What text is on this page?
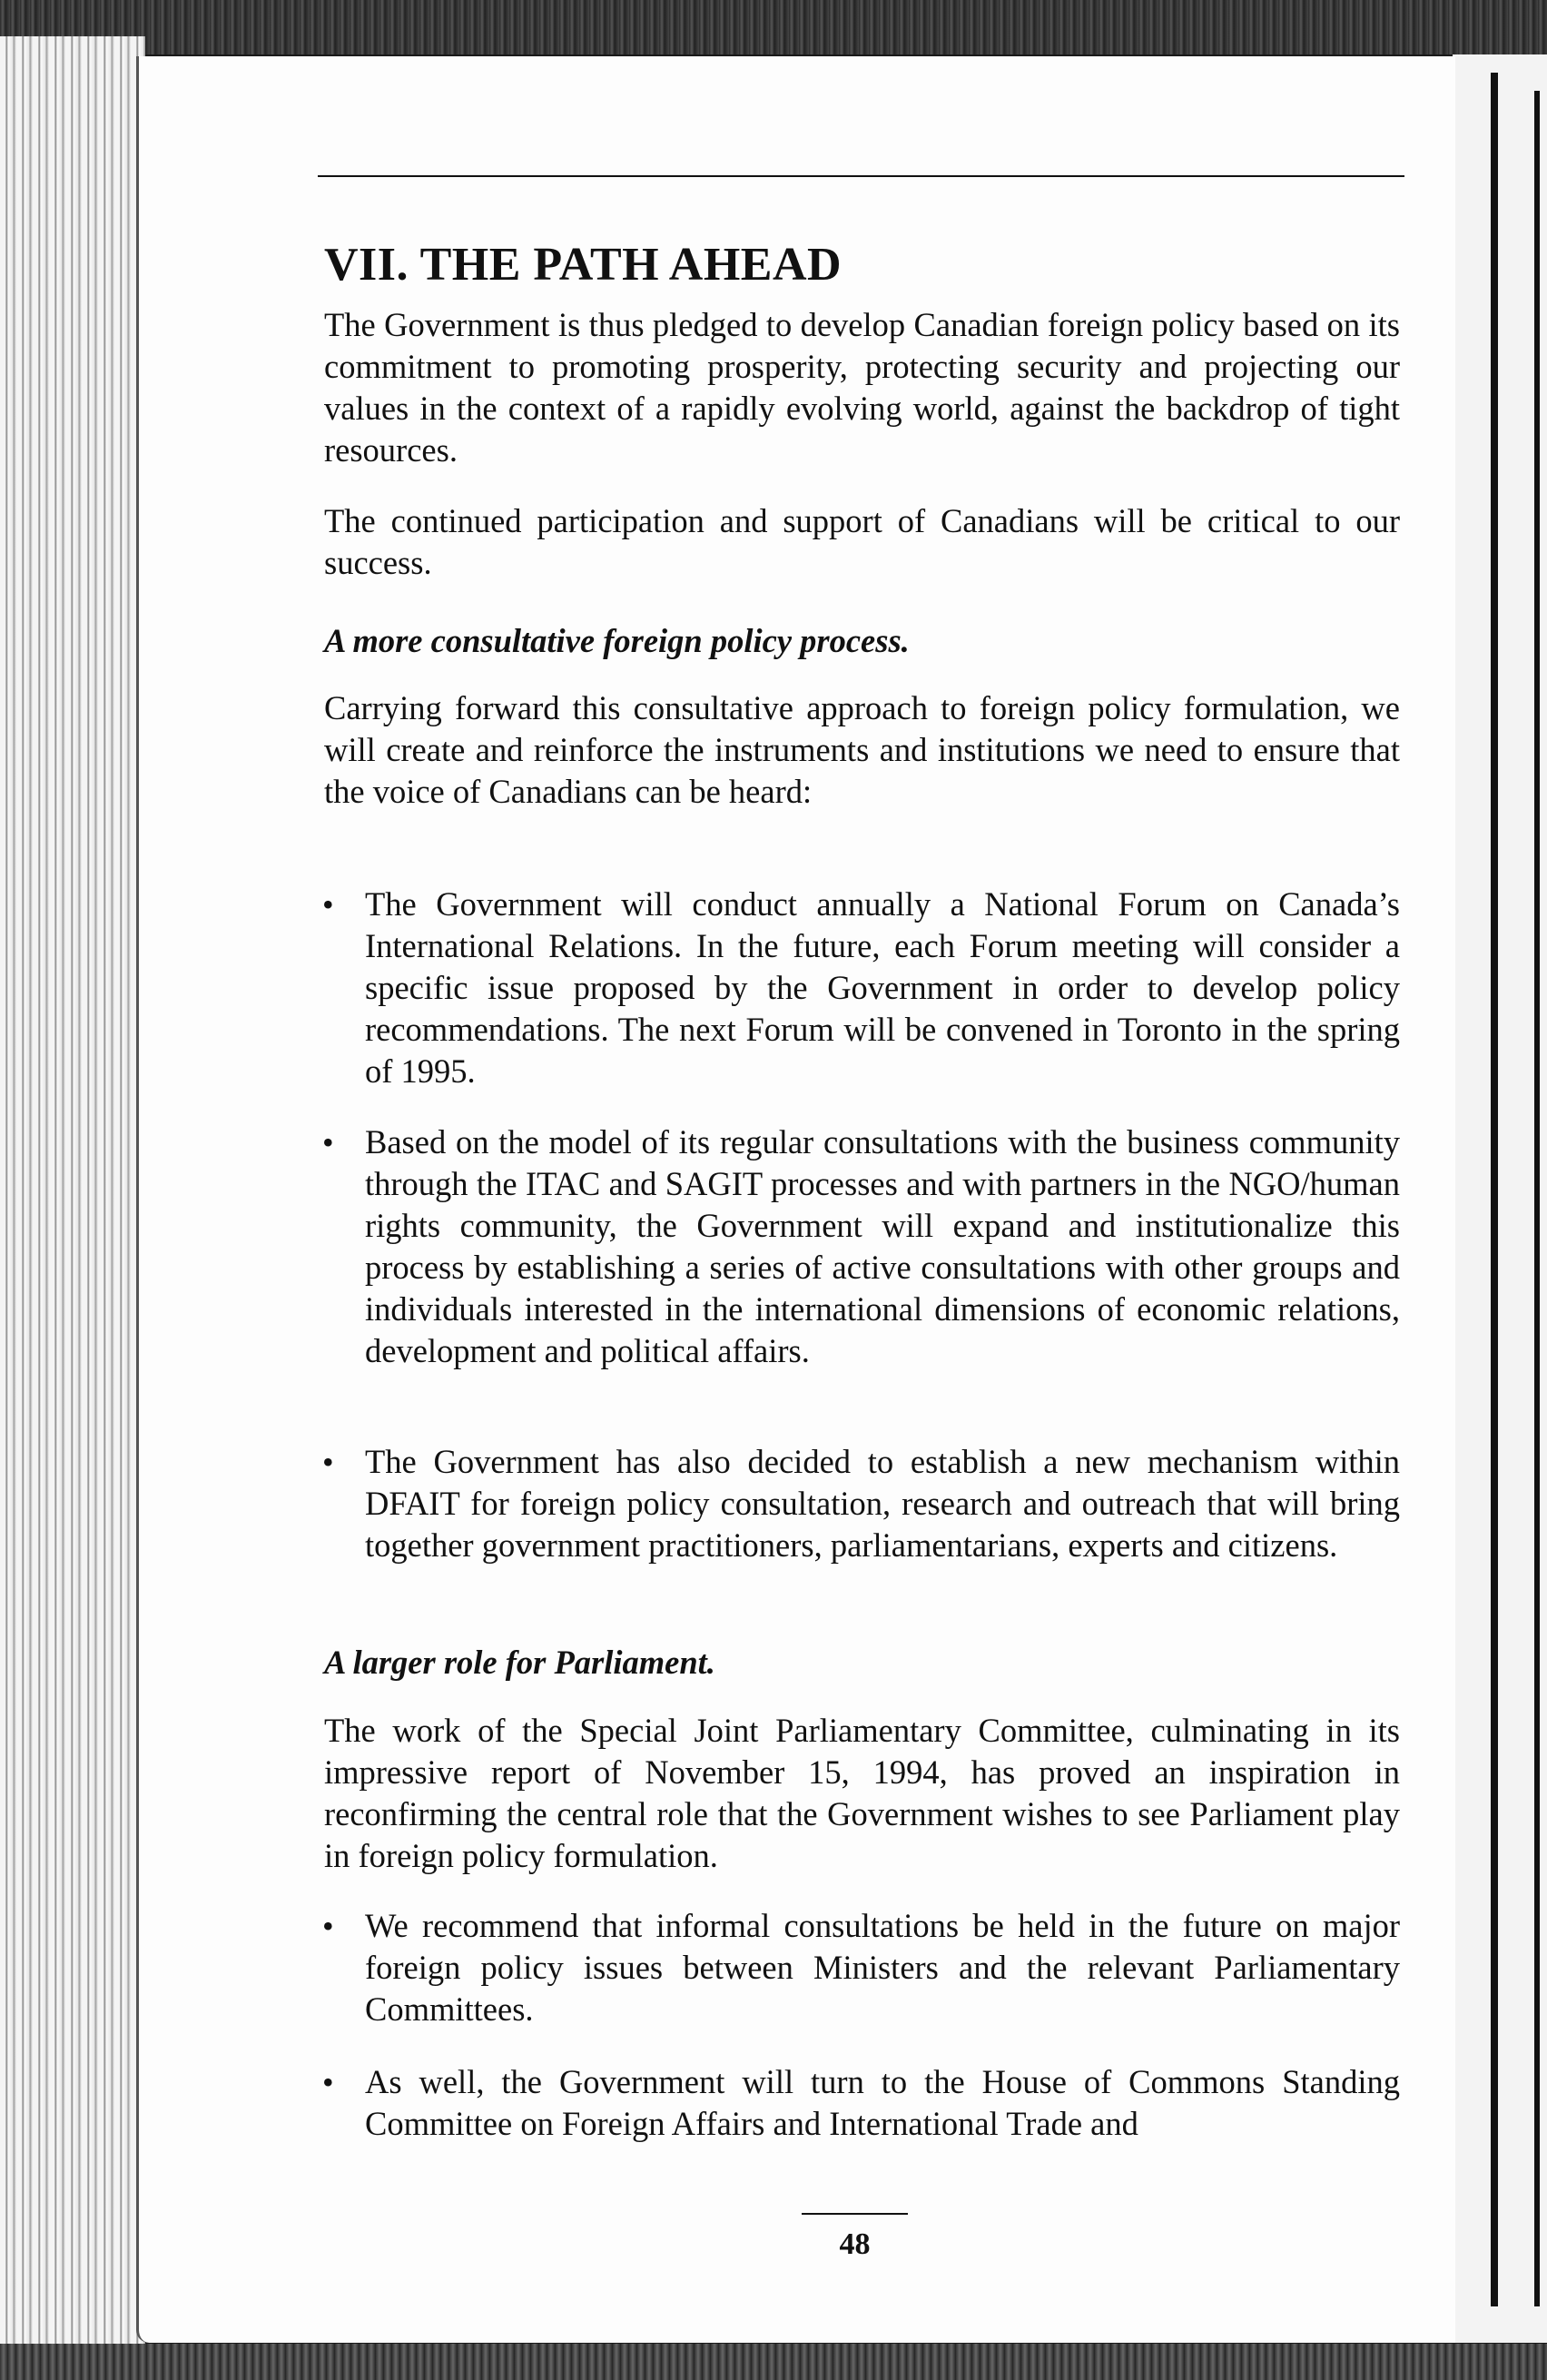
VII. THE PATH AHEAD

The Government is thus pledged to develop Canadian foreign policy based on its commitment to promoting prosperity, protecting security and projecting our values in the context of a rapidly evolving world, against the backdrop of tight resources.

The continued participation and support of Canadians will be critical to our success.

A more consultative foreign policy process.

Carrying forward this consultative approach to foreign policy formulation, we will create and reinforce the instruments and institutions we need to ensure that the voice of Canadians can be heard:

• The Government will conduct annually a National Forum on Canada’s International Relations. In the future, each Forum meeting will consider a specific issue proposed by the Government in order to develop policy recommendations. The next Forum will be convened in Toronto in the spring of 1995.

• Based on the model of its regular consultations with the business community through the ITAC and SAGIT processes and with partners in the NGO/human rights community, the Government will expand and institutionalize this process by establishing a series of active consultations with other groups and individuals interested in the international dimensions of economic relations, development and political affairs.

• The Government has also decided to establish a new mechanism within DFAIT for foreign policy consultation, research and outreach that will bring together government practitioners, parliamentarians, experts and citizens.

A larger role for Parliament.

The work of the Special Joint Parliamentary Committee, culminating in its impressive report of November 15, 1994, has proved an inspiration in reconfirming the central role that the Government wishes to see Parliament play in foreign policy formulation.

• We recommend that informal consultations be held in the future on major foreign policy issues between Ministers and the relevant Parliamentary Committees.

• As well, the Government will turn to the House of Commons Standing Committee on Foreign Affairs and International Trade and

48
